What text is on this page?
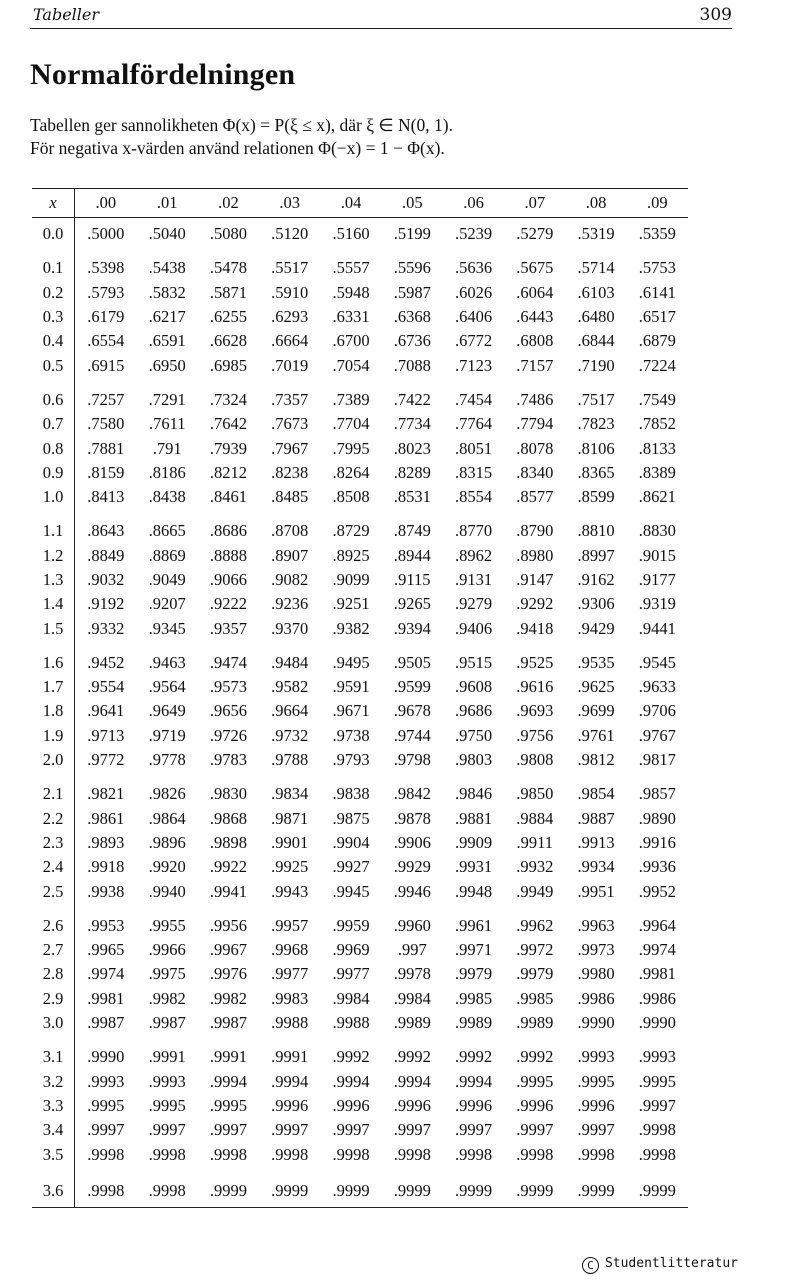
Tabeller	309
Normalfördelningen
Tabellen ger sannolikheten Φ(x) = P(ξ ≤ x), där ξ ∈ N(0, 1).
För negativa x-värden använd relationen Φ(−x) = 1 − Φ(x).
x	.00	.01	.02	.03	.04	.05	.06	.07	.08	.09
0.0	.5000	.5040	.5080	.5120	.5160	.5199	.5239	.5279	.5319	.5359
0.1	.5398	.5438	.5478	.5517	.5557	.5596	.5636	.5675	.5714	.5753
0.2	.5793	.5832	.5871	.5910	.5948	.5987	.6026	.6064	.6103	.6141
0.3	.6179	.6217	.6255	.6293	.6331	.6368	.6406	.6443	.6480	.6517
0.4	.6554	.6591	.6628	.6664	.6700	.6736	.6772	.6808	.6844	.6879
0.5	.6915	.6950	.6985	.7019	.7054	.7088	.7123	.7157	.7190	.7224
0.6	.7257	.7291	.7324	.7357	.7389	.7422	.7454	.7486	.7517	.7549
0.7	.7580	.7611	.7642	.7673	.7704	.7734	.7764	.7794	.7823	.7852
0.8	.7881	.791	.7939	.7967	.7995	.8023	.8051	.8078	.8106	.8133
0.9	.8159	.8186	.8212	.8238	.8264	.8289	.8315	.8340	.8365	.8389
1.0	.8413	.8438	.8461	.8485	.8508	.8531	.8554	.8577	.8599	.8621
1.1	.8643	.8665	.8686	.8708	.8729	.8749	.8770	.8790	.8810	.8830
1.2	.8849	.8869	.8888	.8907	.8925	.8944	.8962	.8980	.8997	.9015
1.3	.9032	.9049	.9066	.9082	.9099	.9115	.9131	.9147	.9162	.9177
1.4	.9192	.9207	.9222	.9236	.9251	.9265	.9279	.9292	.9306	.9319
1.5	.9332	.9345	.9357	.9370	.9382	.9394	.9406	.9418	.9429	.9441
1.6	.9452	.9463	.9474	.9484	.9495	.9505	.9515	.9525	.9535	.9545
1.7	.9554	.9564	.9573	.9582	.9591	.9599	.9608	.9616	.9625	.9633
1.8	.9641	.9649	.9656	.9664	.9671	.9678	.9686	.9693	.9699	.9706
1.9	.9713	.9719	.9726	.9732	.9738	.9744	.9750	.9756	.9761	.9767
2.0	.9772	.9778	.9783	.9788	.9793	.9798	.9803	.9808	.9812	.9817
2.1	.9821	.9826	.9830	.9834	.9838	.9842	.9846	.9850	.9854	.9857
2.2	.9861	.9864	.9868	.9871	.9875	.9878	.9881	.9884	.9887	.9890
2.3	.9893	.9896	.9898	.9901	.9904	.9906	.9909	.9911	.9913	.9916
2.4	.9918	.9920	.9922	.9925	.9927	.9929	.9931	.9932	.9934	.9936
2.5	.9938	.9940	.9941	.9943	.9945	.9946	.9948	.9949	.9951	.9952
2.6	.9953	.9955	.9956	.9957	.9959	.9960	.9961	.9962	.9963	.9964
2.7	.9965	.9966	.9967	.9968	.9969	.997	.9971	.9972	.9973	.9974
2.8	.9974	.9975	.9976	.9977	.9977	.9978	.9979	.9979	.9980	.9981
2.9	.9981	.9982	.9982	.9983	.9984	.9984	.9985	.9985	.9986	.9986
3.0	.9987	.9987	.9987	.9988	.9988	.9989	.9989	.9989	.9990	.9990
3.1	.9990	.9991	.9991	.9991	.9992	.9992	.9992	.9992	.9993	.9993
3.2	.9993	.9993	.9994	.9994	.9994	.9994	.9994	.9995	.9995	.9995
3.3	.9995	.9995	.9995	.9996	.9996	.9996	.9996	.9996	.9996	.9997
3.4	.9997	.9997	.9997	.9997	.9997	.9997	.9997	.9997	.9997	.9998
3.5	.9998	.9998	.9998	.9998	.9998	.9998	.9998	.9998	.9998	.9998
3.6	.9998	.9998	.9999	.9999	.9999	.9999	.9999	.9999	.9999	.9999
C Studentlitteratur
